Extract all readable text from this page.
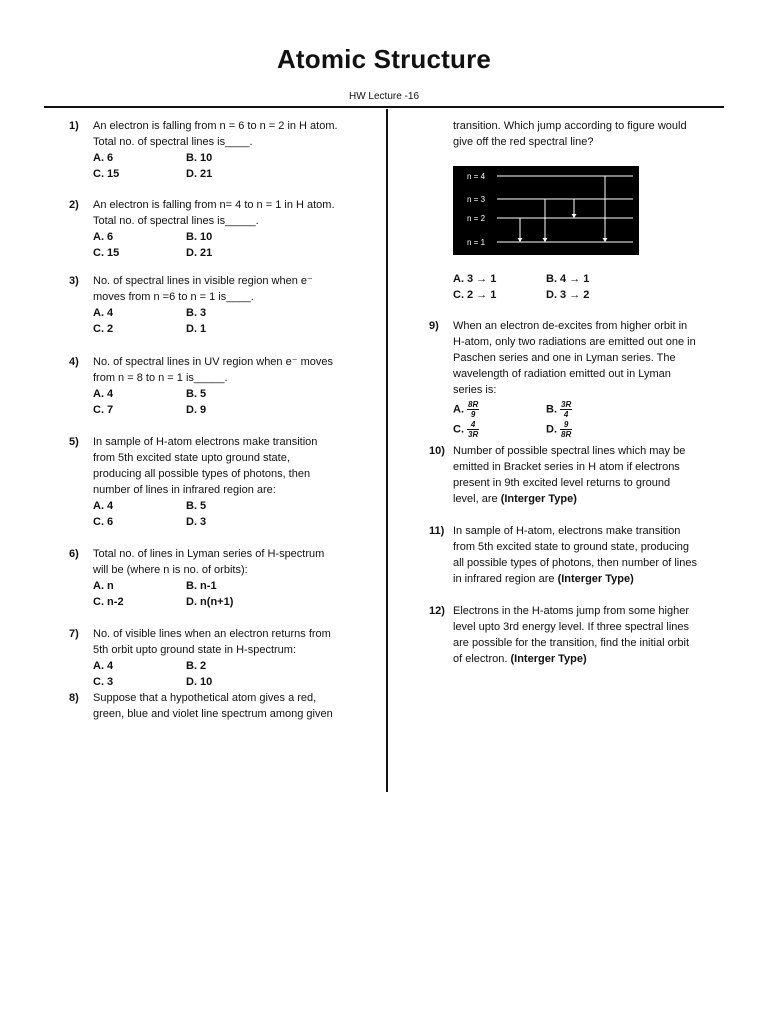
Atomic Structure
HW Lecture -16
1)	An electron is falling from n = 6 to n = 2 in H atom.
Total no. of spectral lines is____.
A. 6	B. 10
C. 15	D. 21
2)	An electron is falling from n= 4 to n = 1 in H atom.
Total no. of spectral lines is_____.
A. 6	B. 10
C. 15	D. 21
3)	No. of spectral lines in visible region when e⁻
moves from n =6 to n = 1 is____.
A. 4	B. 3
C. 2	D. 1
4)	No. of spectral lines in UV region when e⁻ moves
from n = 8 to n = 1 is_____.
A. 4	B. 5
C. 7	D. 9
5)	In sample of H-atom electrons make transition
from 5th excited state upto ground state,
producing all possible types of photons, then
number of lines in infrared region are:
A. 4	B. 5
C. 6	D. 3
6)	Total no. of lines in Lyman series of H-spectrum
will be (where n is no. of orbits):
A. n	B. n-1
C. n-2	D. n(n+1)
7)	No. of visible lines when an electron returns from
5th orbit upto ground state in H-spectrum:
A. 4	B. 2
C. 3	D. 10
8)	Suppose that a hypothetical atom gives a red,
green, blue and violet line spectrum among given
transition. Which jump according to figure would
give off the red spectral line?
n = 4
n = 3
n = 2
n = 1
A. 3 → 1	B. 4 → 1
C. 2 → 1	D. 3 → 2
9)	When an electron de-excites from higher orbit in
H-atom, only two radiations are emitted out one in
Paschen series and one in Lyman series. The
wavelength of radiation emitted out in Lyman
series is:
A. $\frac{8R}{9}$	B. $\frac{3R}{4}$
C. $\frac{4}{3R}$	D. $\frac{9}{8R}$
10) Number of possible spectral lines which may be
emitted in Bracket series in H atom if electrons
present in 9th excited level returns to ground
level, are (Interger Type)
11) In sample of H-atom, electrons make transition
from 5th excited state to ground state, producing
all possible types of photons, then number of lines
in infrared region are (Interger Type)
12) Electrons in the H-atoms jump from some higher
level upto 3rd energy level. If three spectral lines
are possible for the transition, find the initial orbit
of electron. (Interger Type)
